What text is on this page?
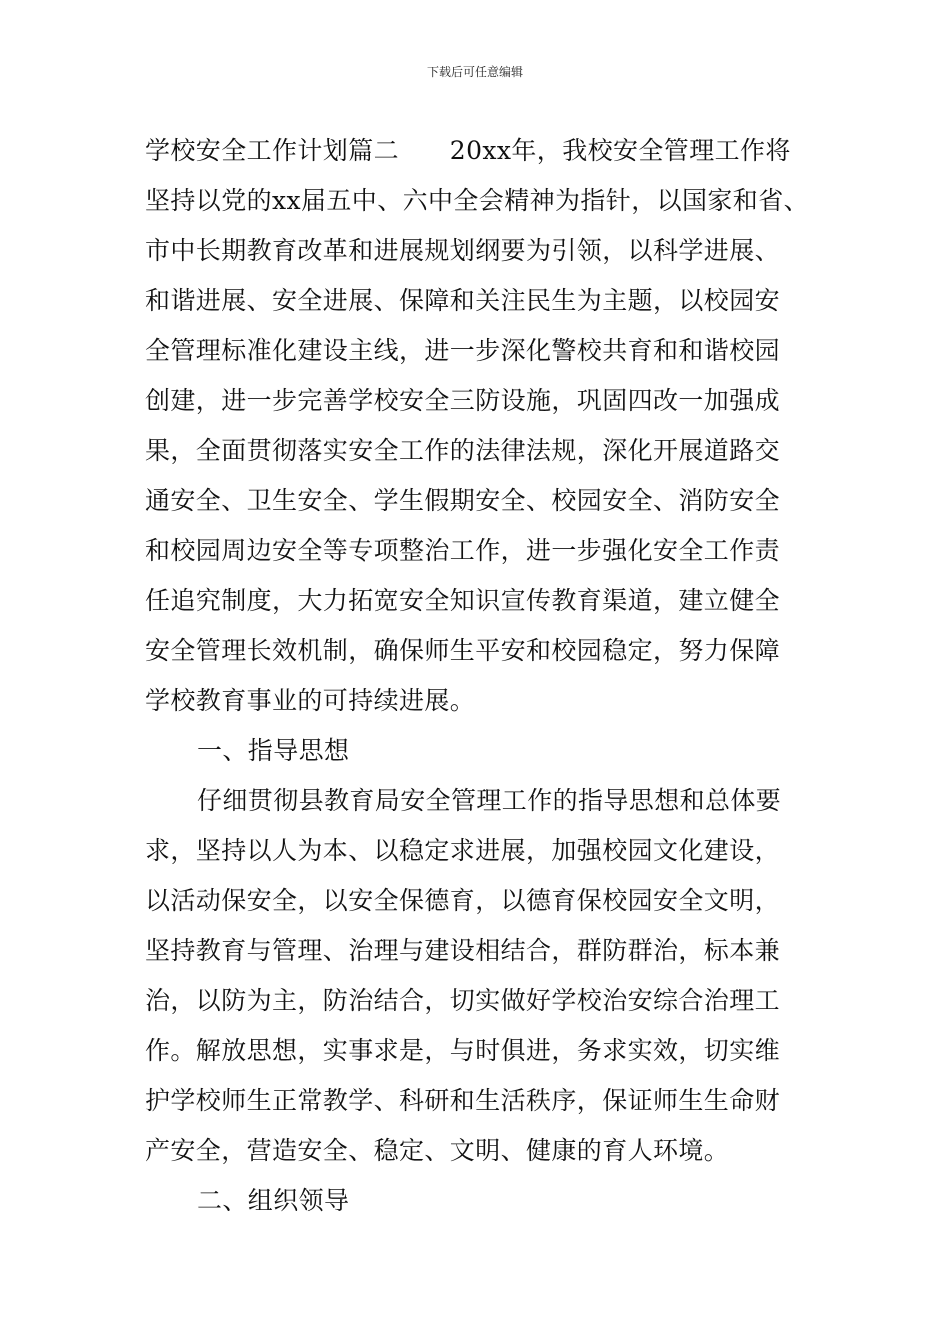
下载后可任意编辑
学校安全工作计划篇二　　20xx年，我校安全管理工作将
坚持以党的xx届五中、六中全会精神为指针，以国家和省、
市中长期教育改革和进展规划纲要为引领，以科学进展、
和谐进展、安全进展、保障和关注民生为主题，以校园安
全管理标准化建设主线，进一步深化警校共育和和谐校园
创建，进一步完善学校安全三防设施，巩固四改一加强成
果，全面贯彻落实安全工作的法律法规，深化开展道路交
通安全、卫生安全、学生假期安全、校园安全、消防安全
和校园周边安全等专项整治工作，进一步强化安全工作责
任追究制度，大力拓宽安全知识宣传教育渠道，建立健全
安全管理长效机制，确保师生平安和校园稳定，努力保障
学校教育事业的可持续进展。
一、指导思想
仔细贯彻县教育局安全管理工作的指导思想和总体要
求，坚持以人为本、以稳定求进展，加强校园文化建设，
以活动保安全，以安全保德育，以德育保校园安全文明，
坚持教育与管理、治理与建设相结合，群防群治，标本兼
治，以防为主，防治结合，切实做好学校治安综合治理工
作。解放思想，实事求是，与时俱进，务求实效，切实维
护学校师生正常教学、科研和生活秩序，保证师生生命财
产安全，营造安全、稳定、文明、健康的育人环境。
二、组织领导
